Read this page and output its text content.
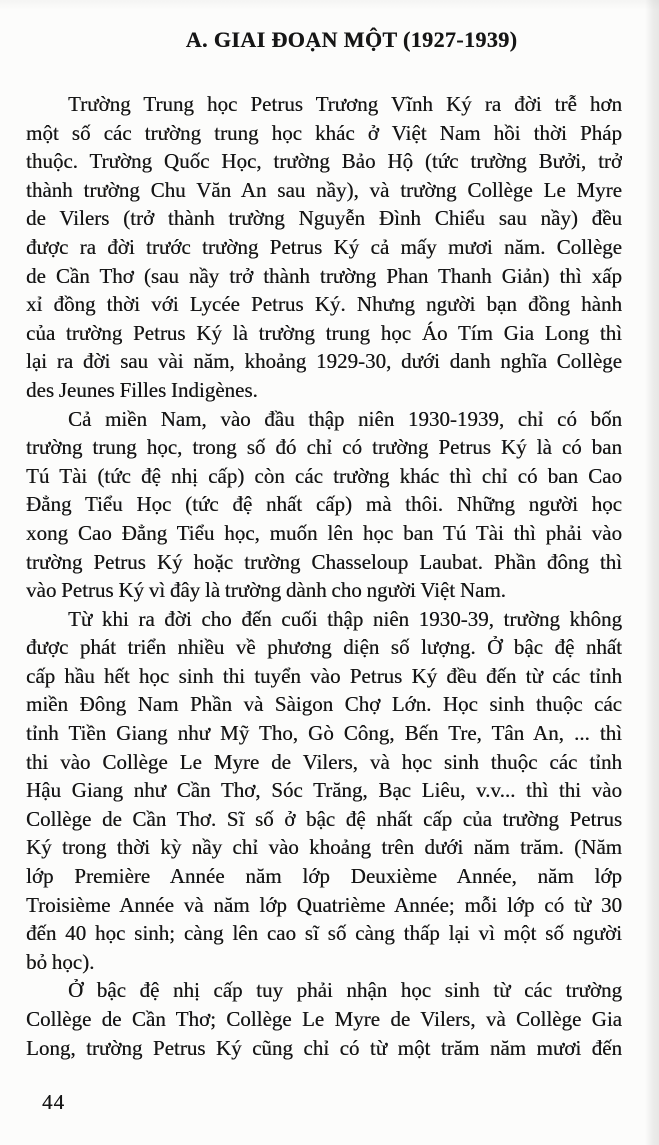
A. GIAI ĐOẠN MỘT (1927-1939)
Trường Trung học Petrus Trương Vĩnh Ký ra đời trễ hơn
một số các trường trung học khác ở Việt Nam hồi thời Pháp
thuộc. Trường Quốc Học, trường Bảo Hộ (tức trường Bưởi, trở
thành trường Chu Văn An sau nầy), và trường Collège Le Myre
de Vilers (trở thành trường Nguyễn Đình Chiểu sau nầy) đều
được ra đời trước trường Petrus Ký cả mấy mươi năm. Collège
de Cần Thơ (sau nầy trở thành trường Phan Thanh Giản) thì xấp
xỉ đồng thời với Lycée Petrus Ký. Nhưng người bạn đồng hành
của trường Petrus Ký là trường trung học Áo Tím Gia Long thì
lại ra đời sau vài năm, khoảng 1929-30, dưới danh nghĩa Collège
des Jeunes Filles Indigènes.
Cả miền Nam, vào đầu thập niên 1930-1939, chỉ có bốn
trường trung học, trong số đó chỉ có trường Petrus Ký là có ban
Tú Tài (tức đệ nhị cấp) còn các trường khác thì chỉ có ban Cao
Đẳng Tiểu Học (tức đệ nhất cấp) mà thôi. Những người học
xong Cao Đẳng Tiểu học, muốn lên học ban Tú Tài thì phải vào
trường Petrus Ký hoặc trường Chasseloup Laubat. Phần đông thì
vào Petrus Ký vì đây là trường dành cho người Việt Nam.
Từ khi ra đời cho đến cuối thập niên 1930-39, trường không
được phát triển nhiều về phương diện số lượng. Ở bậc đệ nhất
cấp hầu hết học sinh thi tuyển vào Petrus Ký đều đến từ các tỉnh
miền Đông Nam Phần và Sàigon Chợ Lớn. Học sinh thuộc các
tỉnh Tiền Giang như Mỹ Tho, Gò Công, Bến Tre, Tân An, ... thì
thi vào Collège Le Myre de Vilers, và học sinh thuộc các tỉnh
Hậu Giang như Cần Thơ, Sóc Trăng, Bạc Liêu, v.v... thì thi vào
Collège de Cần Thơ. Sĩ số ở bậc đệ nhất cấp của trường Petrus
Ký trong thời kỳ nầy chỉ vào khoảng trên dưới năm trăm. (Năm
lớp Première Année năm lớp Deuxième Année, năm lớp
Troisième Année và năm lớp Quatrième Année; mỗi lớp có từ 30
đến 40 học sinh; càng lên cao sĩ số càng thấp lại vì một số người
bỏ học).
Ở bậc đệ nhị cấp tuy phải nhận học sinh từ các trường
Collège de Cần Thơ; Collège Le Myre de Vilers, và Collège Gia
Long, trường Petrus Ký cũng chỉ có từ một trăm năm mươi đến
44
